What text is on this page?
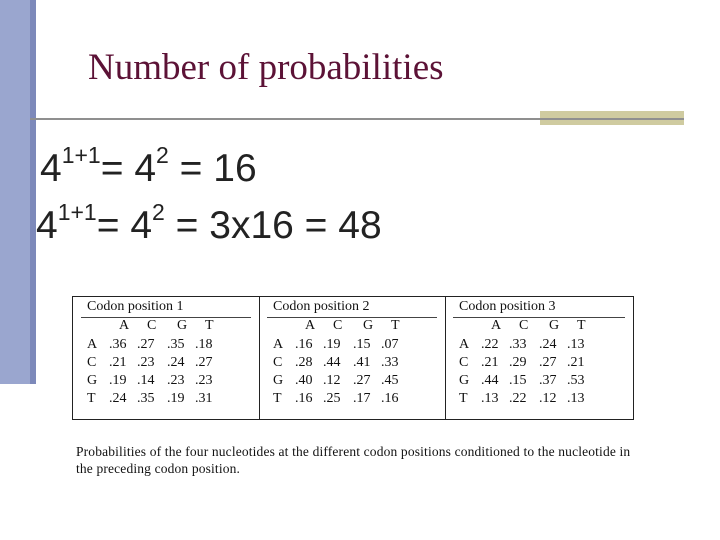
Number of probabilities
$4^{1+1}= 4^2 = 16$
$4^{1+1}= 4^2 = 3x16 = 48$
Codon position 1
A C G T
A .36 .27 .35 .18
C .21 .23 .24 .27
G .19 .14 .23 .23
T .24 .35 .19 .31
Codon position 2
A C G T
A .16 .19 .15 .07
C .28 .44 .41 .33
G .40 .12 .27 .45
T .16 .25 .17 .16
Codon position 3
A C G T
A .22 .33 .24 .13
C .21 .29 .27 .21
G .44 .15 .37 .53
T .13 .22 .12 .13
Probabilities of the four nucleotides at the different codon positions conditioned to the nucleotide in the preceding codon position.
